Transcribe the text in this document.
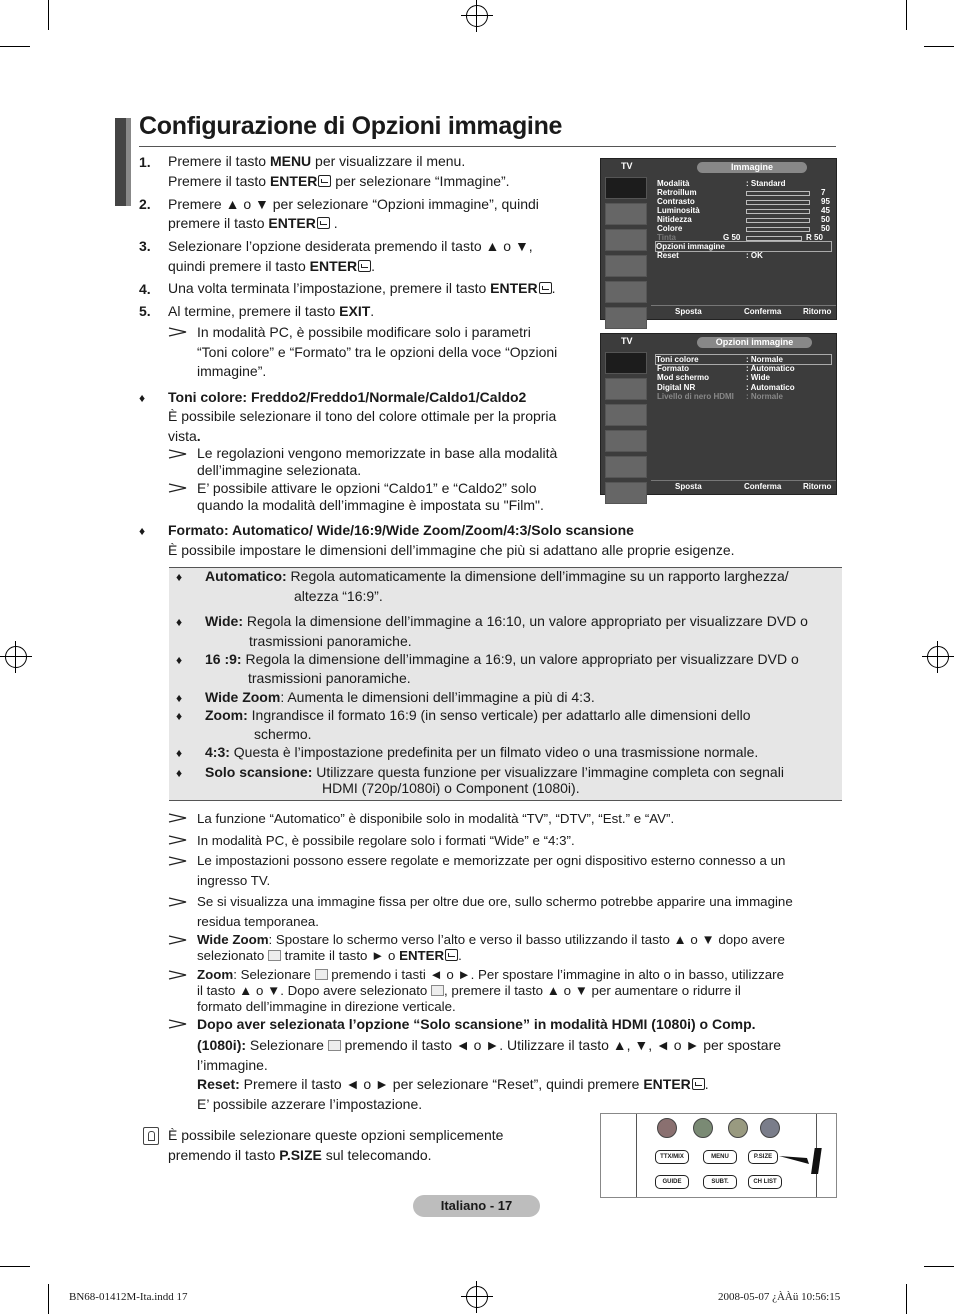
Configurazione di Opzioni immagine
1. Premere il tasto MENU per visualizzare il menu.
Premere il tasto ENTER per selezionare “Immagine”.
2. Premere ▲ o ▼ per selezionare “Opzioni immagine”, quindi
premere il tasto ENTER .
3. Selezionare l’opzione desiderata premendo il tasto ▲ o ▼,
quindi premere il tasto ENTER .
4. Una volta terminata l’impostazione, premere il tasto ENTER .
5. Al termine, premere il tasto EXIT.
In modalità PC, è possibile modificare solo i parametri
“Toni colore” e “Formato” tra le opzioni della voce “Opzioni
immagine”.
♦ Toni colore: Freddo2/Freddo1/Normale/Caldo1/Caldo2
È possibile selezionare il tono del colore ottimale per la propria
vista.
Le regolazioni vengono memorizzate in base alla modalità
dell’immagine selezionata.
E’ possibile attivare le opzioni “Caldo1” e “Caldo2” solo
quando la modalità dell’immagine è impostata su "Film".
TV	Immagine
Modalità	: Standard
Retroillum	7
Contrasto	95
Luminosità	45
Nitidezza	50
Colore	50
Tinta	G 50	R 50
Opzioni immagine
Reset	: OK
Sposta	Conferma	Ritorno
TV	Opzioni immagine
Toni colore	: Normale
Formato	: Automatico
Mod schermo	: Wide
Digital NR	: Automatico
Livello di nero HDMI : Normale
Sposta	Conferma	Ritorno
♦ Formato: Automatico/ Wide/16:9/Wide Zoom/Zoom/4:3/Solo scansione
È possibile impostare le dimensioni dell’immagine che più si adattano alle proprie esigenze.
♦ Automatico: Regola automaticamente la dimensione dell’immagine su un rapporto larghezza/
altezza “16:9”.
♦ Wide: Regola la dimensione dell’immagine a 16:10, un valore appropriato per visualizzare DVD o
trasmissioni panoramiche.
♦ 16 :9: Regola la dimensione dell’immagine a 16:9, un valore appropriato per visualizzare DVD o
trasmissioni panoramiche.
♦ Wide Zoom: Aumenta le dimensioni dell’immagine a più di 4:3.
♦ Zoom: Ingrandisce il formato 16:9 (in senso verticale) per adattarlo alle dimensioni dello
schermo.
♦ 4:3: Questa è l’impostazione predefinita per un filmato video o una trasmissione normale.
♦ Solo scansione: Utilizzare questa funzione per visualizzare l’immagine completa con segnali
HDMI (720p/1080i) o Component (1080i).
La funzione “Automatico” è disponibile solo in modalità “TV”, “DTV”, “Est.” e “AV”.
In modalità PC, è possibile regolare solo i formati “Wide” e “4:3”.
Le impostazioni possono essere regolate e memorizzate per ogni dispositivo esterno connesso a un
ingresso TV.
Se si visualizza una immagine fissa per oltre due ore, sullo schermo potrebbe apparire una immagine
residua temporanea.
Wide Zoom: Spostare lo schermo verso l’alto e verso il basso utilizzando il tasto ▲ o ▼ dopo avere
selezionato  tramite il tasto ► o ENTER .
Zoom: Selezionare  premendo i tasti ◄ o ►. Per spostare l’immagine in alto o in basso, utilizzare
il tasto ▲ o ▼. Dopo avere selezionato , premere il tasto ▲ o ▼ per aumentare o ridurre il
formato dell’immagine in direzione verticale.
Dopo aver selezionata l’opzione “Solo scansione” in modalità HDMI (1080i) o Comp.
(1080i): Selezionare  premendo il tasto ◄ o ►. Utilizzare il tasto ▲, ▼, ◄ o ► per spostare
l’immagine.
Reset: Premere il tasto ◄ o ► per selezionare “Reset”, quindi premere ENTER .
E’ possibile azzerare l’impostazione.
È possibile selezionare queste opzioni semplicemente
premendo il tasto P.SIZE sul telecomando.	TTX/MIX	MENU	P.SIZE
GUIDE	SUBT.	CH LIST
Italiano - 17
BN68-01412M-Ita.indd 17	2008-05-07 ¿ÀÀü 10:56:15
